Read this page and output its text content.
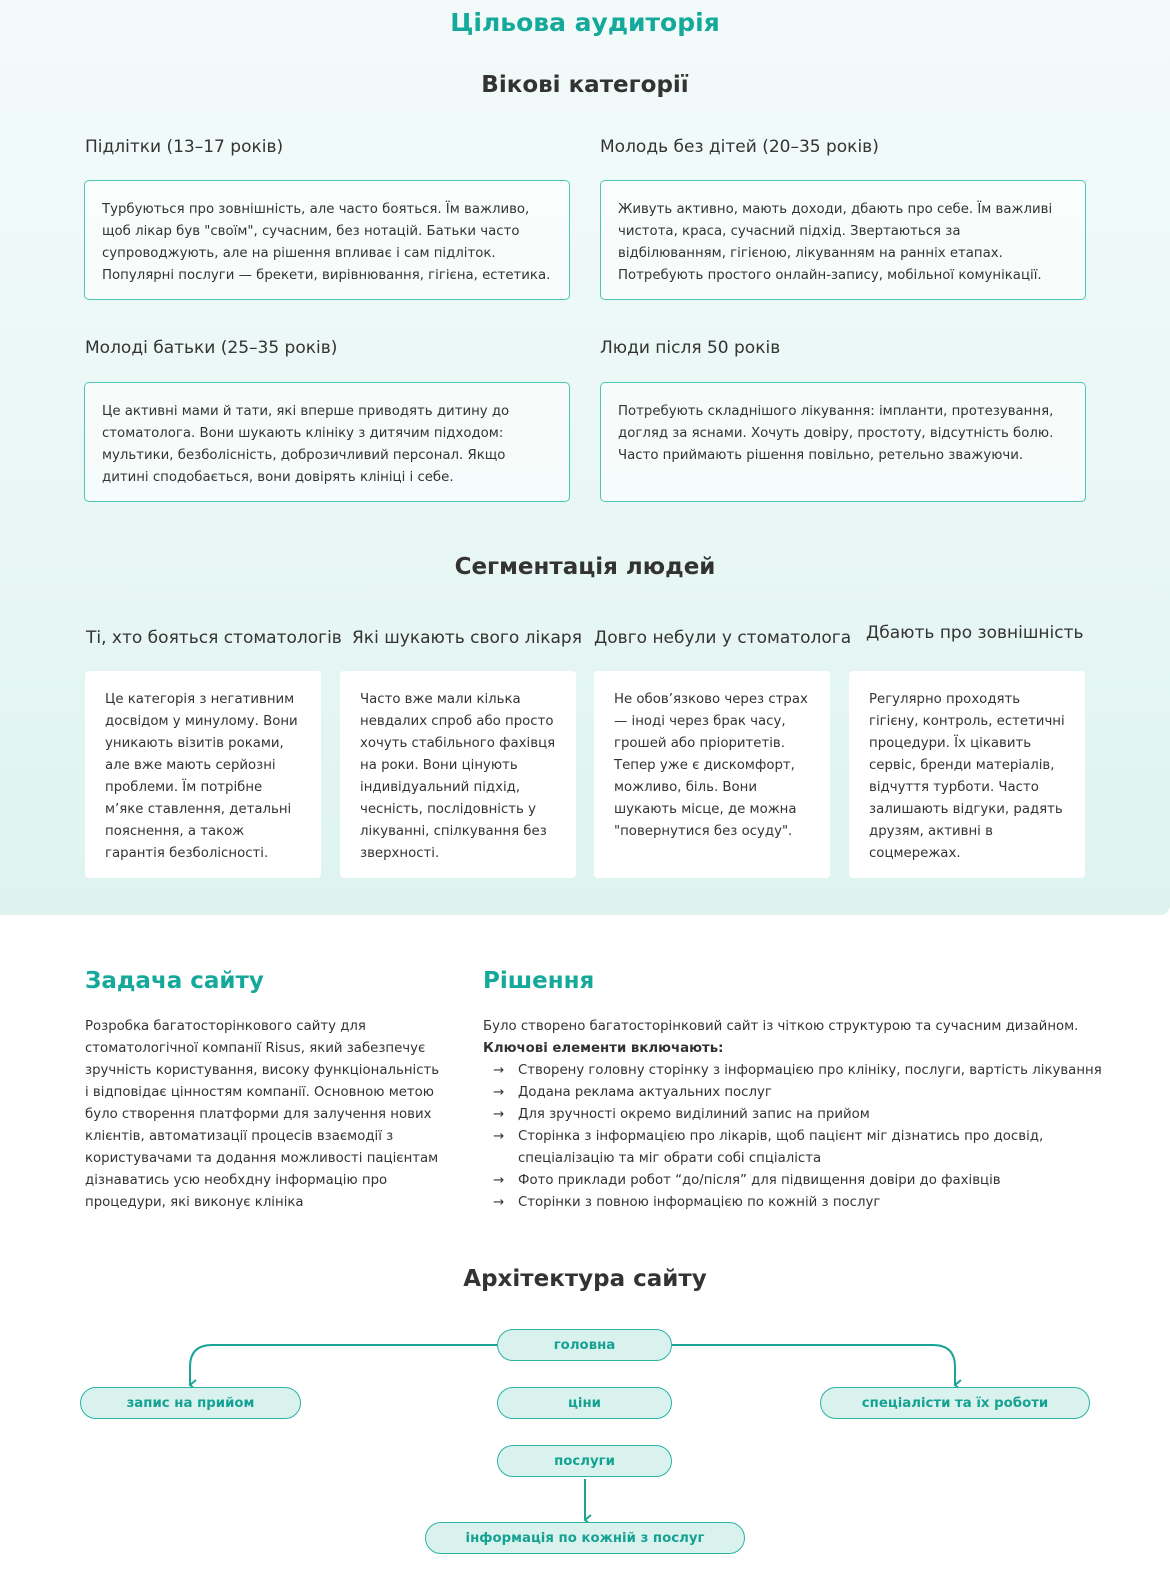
Цільова аудиторія
Вікові категорії
Підлітки (13–17 років)
Турбуються про зовнішність, але часто бояться. Їм важливо, щоб лікар був "своїм", сучасним, без нотацій. Батьки часто супроводжують, але на рішення впливає і сам підліток. Популярні послуги — брекети, вирівнювання, гігієна, естетика.
Молодь без дітей (20–35 років)
Живуть активно, мають доходи, дбають про себе. Їм важливі чистота, краса, сучасний підхід. Звертаються за відбілюванням, гігієною, лікуванням на ранніх етапах. Потребують простого онлайн-запису, мобільної комунікації.
Молоді батьки (25–35 років)
Це активні мами й тати, які вперше приводять дитину до стоматолога. Вони шукають клініку з дитячим підходом: мультики, безболісність, доброзичливий персонал. Якщо дитині сподобається, вони довірять клініці і себе.
Люди після 50 років
Потребують складнішого лікування: імпланти, протезування, догляд за яснами. Хочуть довіру, простоту, відсутність болю. Часто приймають рішення повільно, ретельно зважуючи.
Сегментація людей
Ті, хто бояться стоматологів
Це категорія з негативним досвідом у минулому. Вони уникають візитів роками, але вже мають серйозні проблеми. Їм потрібне м’яке ставлення, детальні пояснення, а також гарантія безболісності.
Які шукають свого лікаря
Часто вже мали кілька невдалих спроб або просто хочуть стабільного фахівця на роки. Вони цінують індивідуальний підхід, чесність, послідовність у лікуванні, спілкування без зверхності.
Довго небули у стоматолога
Не обов’язково через страх — іноді через брак часу, грошей або пріоритетів. Тепер уже є дискомфорт, можливо, біль. Вони шукають місце, де можна "повернутися без осуду".
Дбають про зовнішність
Регулярно проходять гігієну, контроль, естетичні процедури. Їх цікавить сервіс, бренди матеріалів, відчуття турботи. Часто залишають відгуки, радять друзям, активні в соцмережах.
Задача сайту
Розробка багатосторінкового сайту для стоматологічної компанії Risus, який забезпечує зручність користування, високу функціональність і відповідає цінностям компанії. Основною метою було створення платформи для залучення нових клієнтів, автоматизації процесів взаємодії з користувачами та додання можливості пацієнтам дізнаватись усю необхдну інформацію про процедури, які виконує клініка
Рішення
Було створено багатосторінковий сайт із чіткою структурою та сучасним дизайном.
Ключові елементи включають:
→ Створену головну сторінку з інформацією про клініку, послуги, вартість лікування
→ Додана реклама актуальних послуг
→ Для зручності окремо виділиний запис на прийом
→ Сторінка з інформацією про лікарів, щоб пацієнт міг дізнатись про досвід, спеціалізацію та міг обрати собі спціаліста
→ Фото приклади робот “до/після” для підвищення довіри до фахівців
→ Сторінки з повною інформацією по кожній з послуг
Архітектура сайту
головна
запис на прийом	ціни	спеціалісти та їх роботи
послуги
інформація по кожній з послуг
